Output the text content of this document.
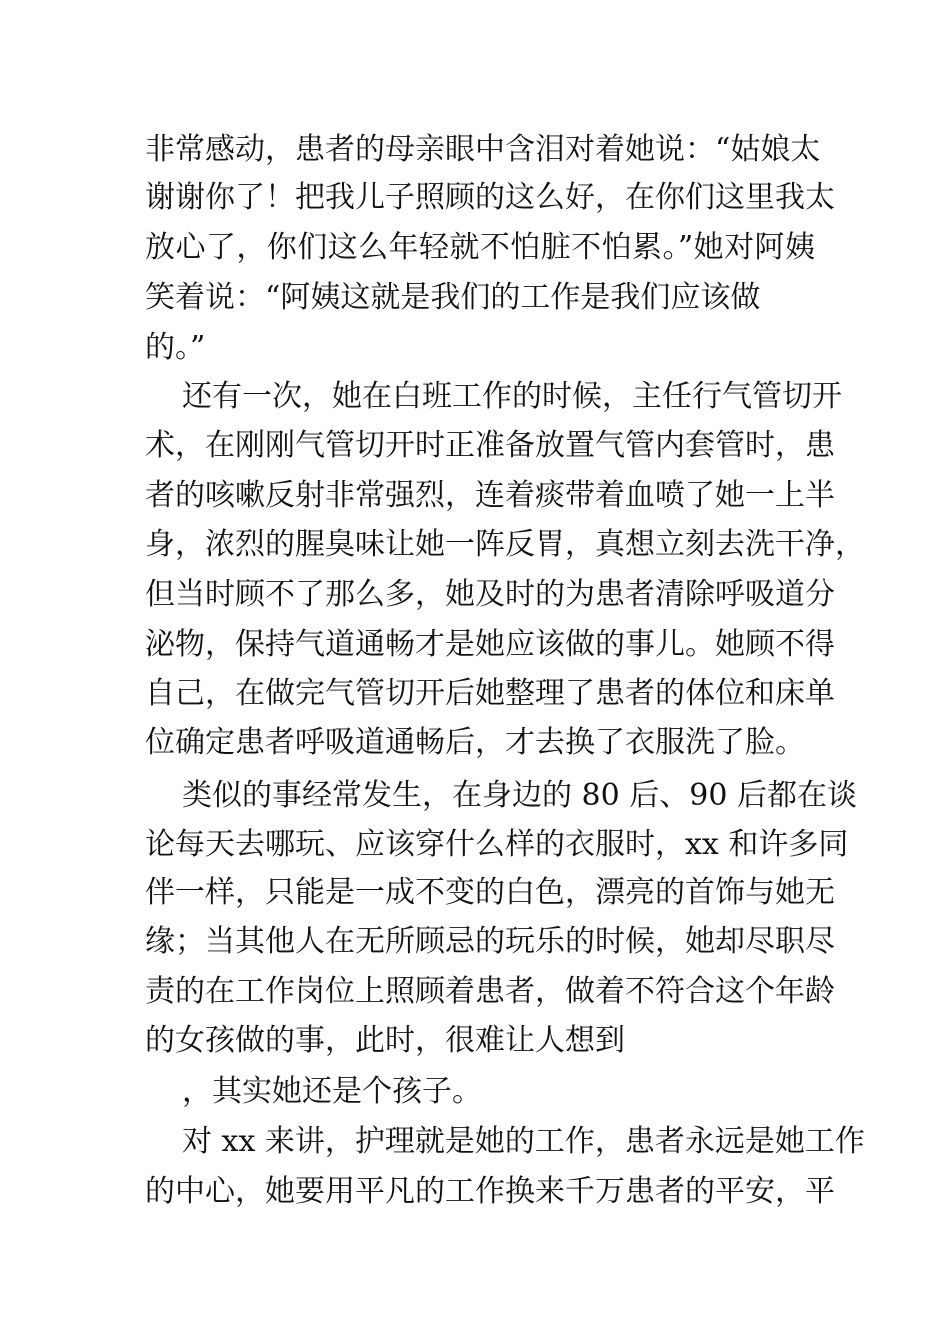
非常感动，患者的母亲眼中含泪对着她说：“姑娘太
谢谢你了！把我儿子照顾的这么好，在你们这里我太
放心了，你们这么年轻就不怕脏不怕累。”她对阿姨
笑着说：“阿姨这就是我们的工作是我们应该做
的。”
还有一次，她在白班工作的时候，主任行气管切开
术，在刚刚气管切开时正准备放置气管内套管时，患
者的咳嗽反射非常强烈，连着痰带着血喷了她一上半
身，浓烈的腥臭味让她一阵反胃，真想立刻去洗干净，
但当时顾不了那么多，她及时的为患者清除呼吸道分
泌物，保持气道通畅才是她应该做的事儿。她顾不得
自己，在做完气管切开后她整理了患者的体位和床单
位确定患者呼吸道通畅后，才去换了衣服洗了脸。
类似的事经常发生，在身边的 80 后、90 后都在谈
论每天去哪玩、应该穿什么样的衣服时，xx 和许多同
伴一样，只能是一成不变的白色，漂亮的首饰与她无
缘；当其他人在无所顾忌的玩乐的时候，她却尽职尽
责的在工作岗位上照顾着患者，做着不符合这个年龄
的女孩做的事，此时，很难让人想到
，其实她还是个孩子。
对 xx 来讲，护理就是她的工作，患者永远是她工作
的中心，她要用平凡的工作换来千万患者的平安，平
